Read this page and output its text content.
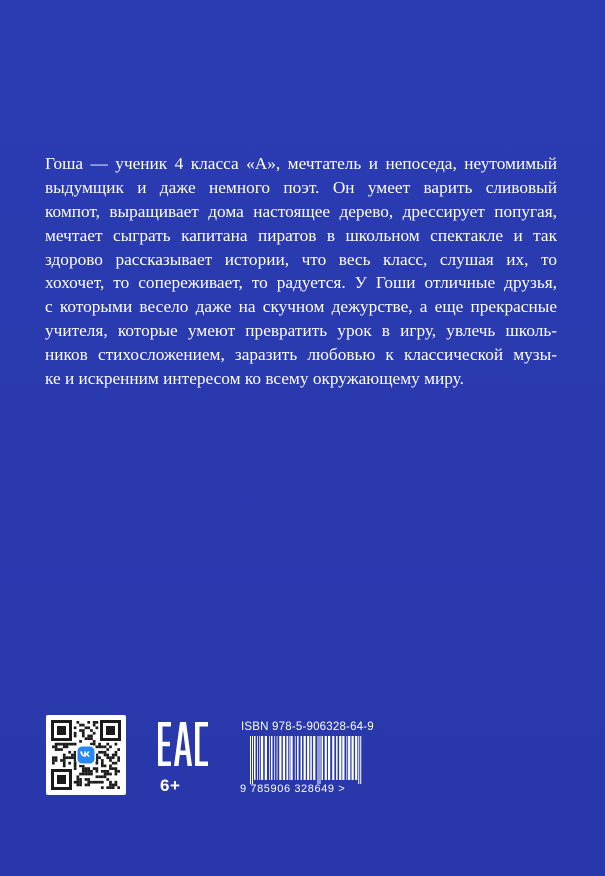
Гоша — ученик 4 класса «А», мечтатель и непоседа, неутомимый
выдумщик и даже немного поэт. Он умеет варить сливовый
компот, выращивает дома настоящее дерево, дрессирует попугая,
мечтает сыграть капитана пиратов в школьном спектакле и так
здорово рассказывает истории, что весь класс, слушая их, то
хохочет, то сопереживает, то радуется. У Гоши отличные друзья,
с которыми весело даже на скучном дежурстве, а еще прекрасные
учителя, которые умеют превратить урок в игру, увлечь школь-
ников стихосложением, заразить любовью к классической музы-
ке и искренним интересом ко всему окружающему миру.
6+
ISBN 978-5-906328-64-9
9 785906 328649 >
